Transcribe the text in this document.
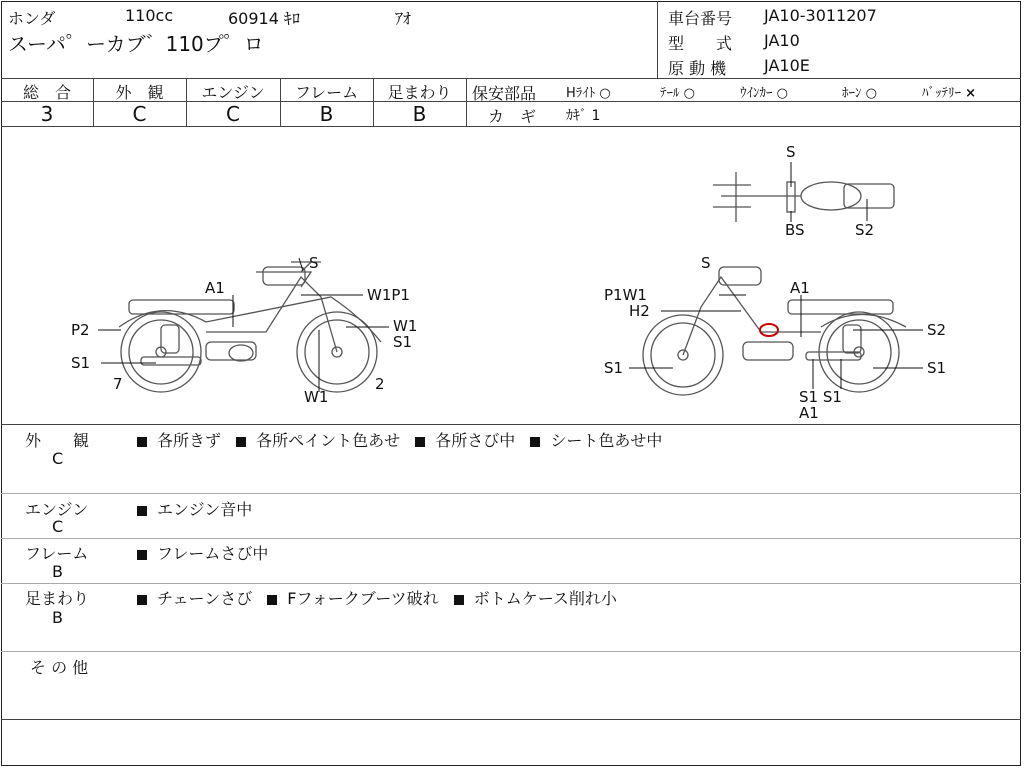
ホンダ	110cc	60914 ｷﾛ	ｱｵ
スーパ゜ーカブ゛110プ゜ロ
車台番号 JA10-3011207
型　　式 JA10
原 動 機 JA10E
総　合
3
外　観
C
エンジン
C
フレーム
B
足まわり
B
保安部品 Hﾗｲﾄ ○	ﾃｰﾙ ○	ｳｲﾝｶｰ ○	ﾎｰﾝ ○	ﾊﾞｯﾃﾘｰ ×
カ　ギ ｶｷﾞ 1
S
A1	W1P1
P2	W1
S1
S1
7	2
W1
S
P1W1	A1
H2
S2
S1	S1
S1 S1
A1
S
BS	S2
外　　観
C
各所きず 各所ペイント色あせ 各所さび中 シート色あせ中
エンジン
C
エンジン音中
フレーム
B
フレームさび中
足まわり
B
チェーンさび Fフォークブーツ破れ ボトムケース削れ小
そ の 他
